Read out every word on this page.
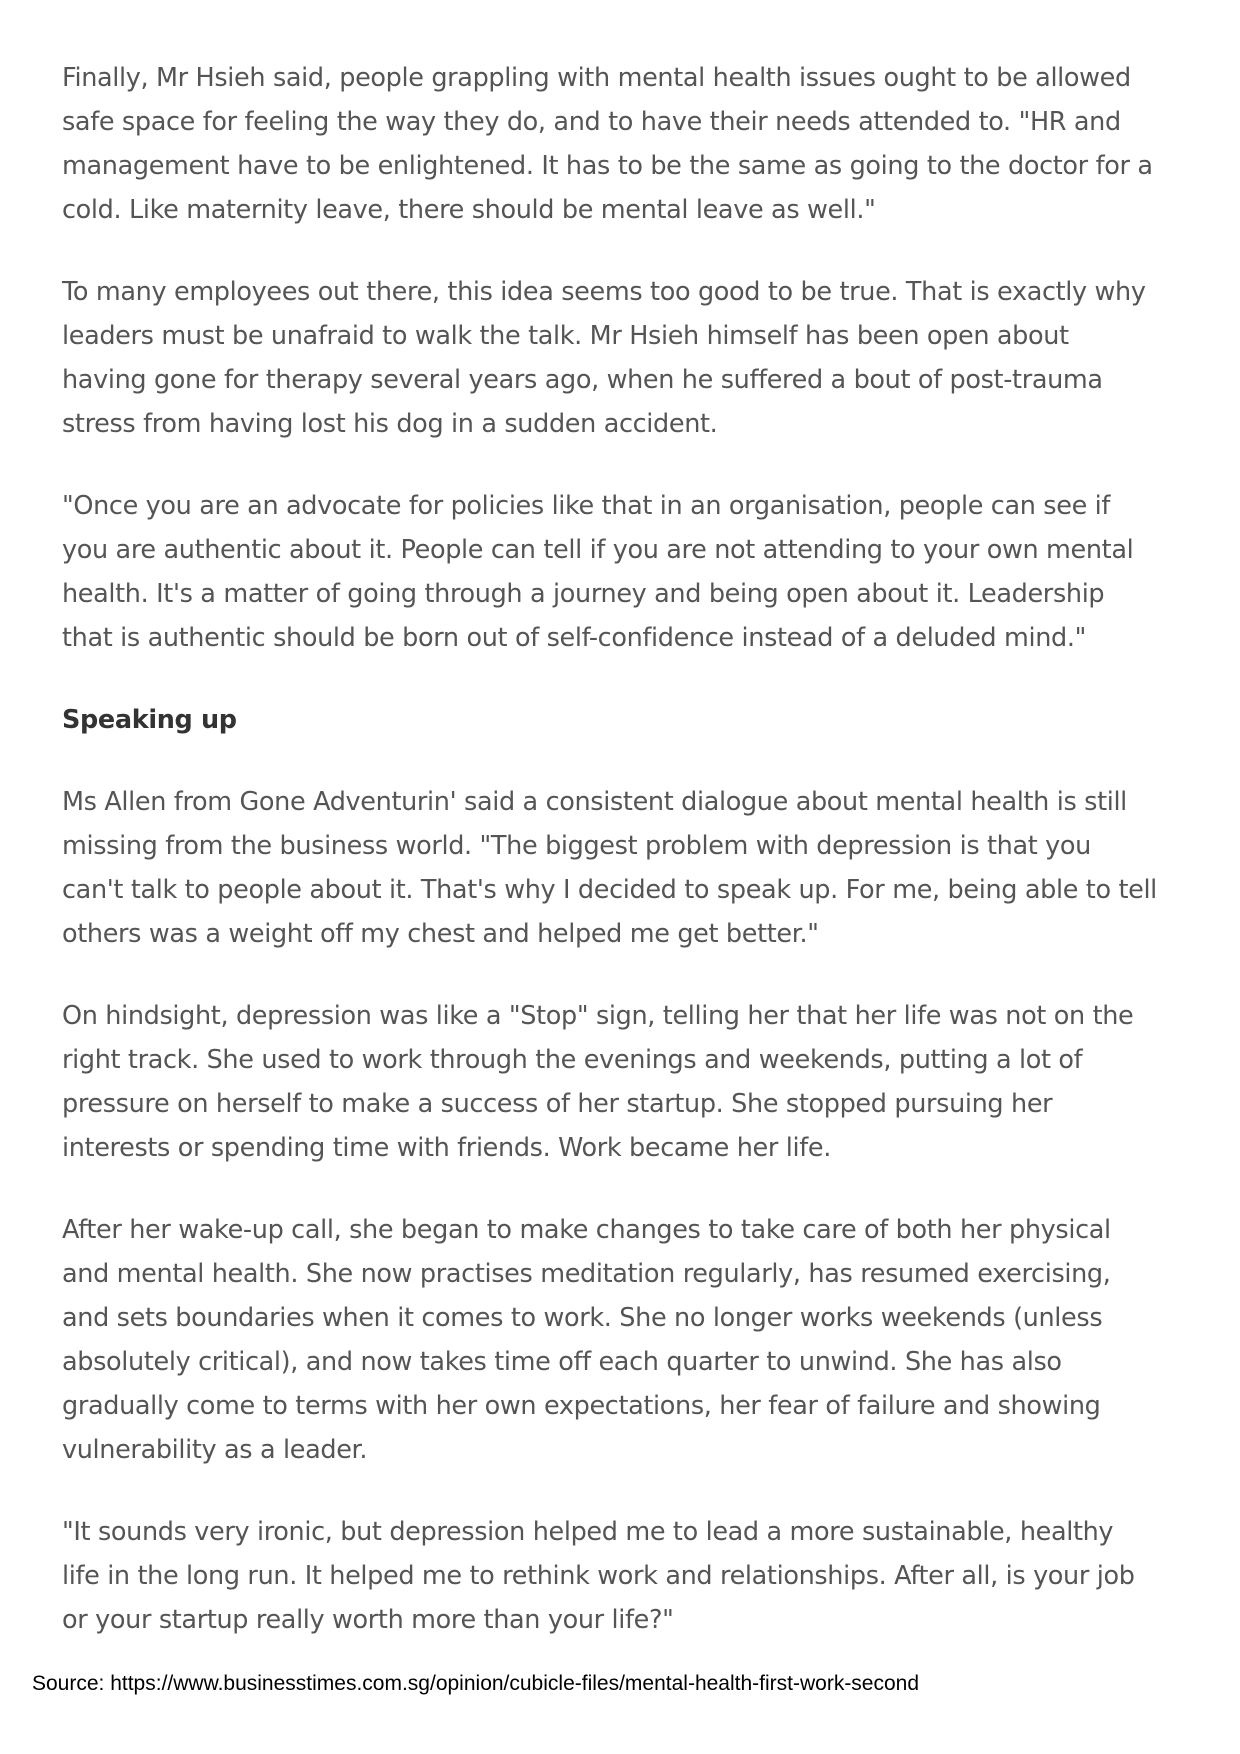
Finally, Mr Hsieh said, people grappling with mental health issues ought to be allowed safe space for feeling the way they do, and to have their needs attended to. "HR and management have to be enlightened. It has to be the same as going to the doctor for a cold. Like maternity leave, there should be mental leave as well."

To many employees out there, this idea seems too good to be true. That is exactly why leaders must be unafraid to walk the talk. Mr Hsieh himself has been open about having gone for therapy several years ago, when he suffered a bout of post-trauma stress from having lost his dog in a sudden accident.

"Once you are an advocate for policies like that in an organisation, people can see if you are authentic about it. People can tell if you are not attending to your own mental health. It's a matter of going through a journey and being open about it. Leadership that is authentic should be born out of self-confidence instead of a deluded mind."

Speaking up

Ms Allen from Gone Adventurin' said a consistent dialogue about mental health is still missing from the business world. "The biggest problem with depression is that you can't talk to people about it. That's why I decided to speak up. For me, being able to tell others was a weight off my chest and helped me get better."

On hindsight, depression was like a "Stop" sign, telling her that her life was not on the right track. She used to work through the evenings and weekends, putting a lot of pressure on herself to make a success of her startup. She stopped pursuing her interests or spending time with friends. Work became her life.

After her wake-up call, she began to make changes to take care of both her physical and mental health. She now practises meditation regularly, has resumed exercising, and sets boundaries when it comes to work. She no longer works weekends (unless absolutely critical), and now takes time off each quarter to unwind. She has also gradually come to terms with her own expectations, her fear of failure and showing vulnerability as a leader.

"It sounds very ironic, but depression helped me to lead a more sustainable, healthy life in the long run. It helped me to rethink work and relationships. After all, is your job or your startup really worth more than your life?"

Source: https://www.businesstimes.com.sg/opinion/cubicle-files/mental-health-first-work-second
